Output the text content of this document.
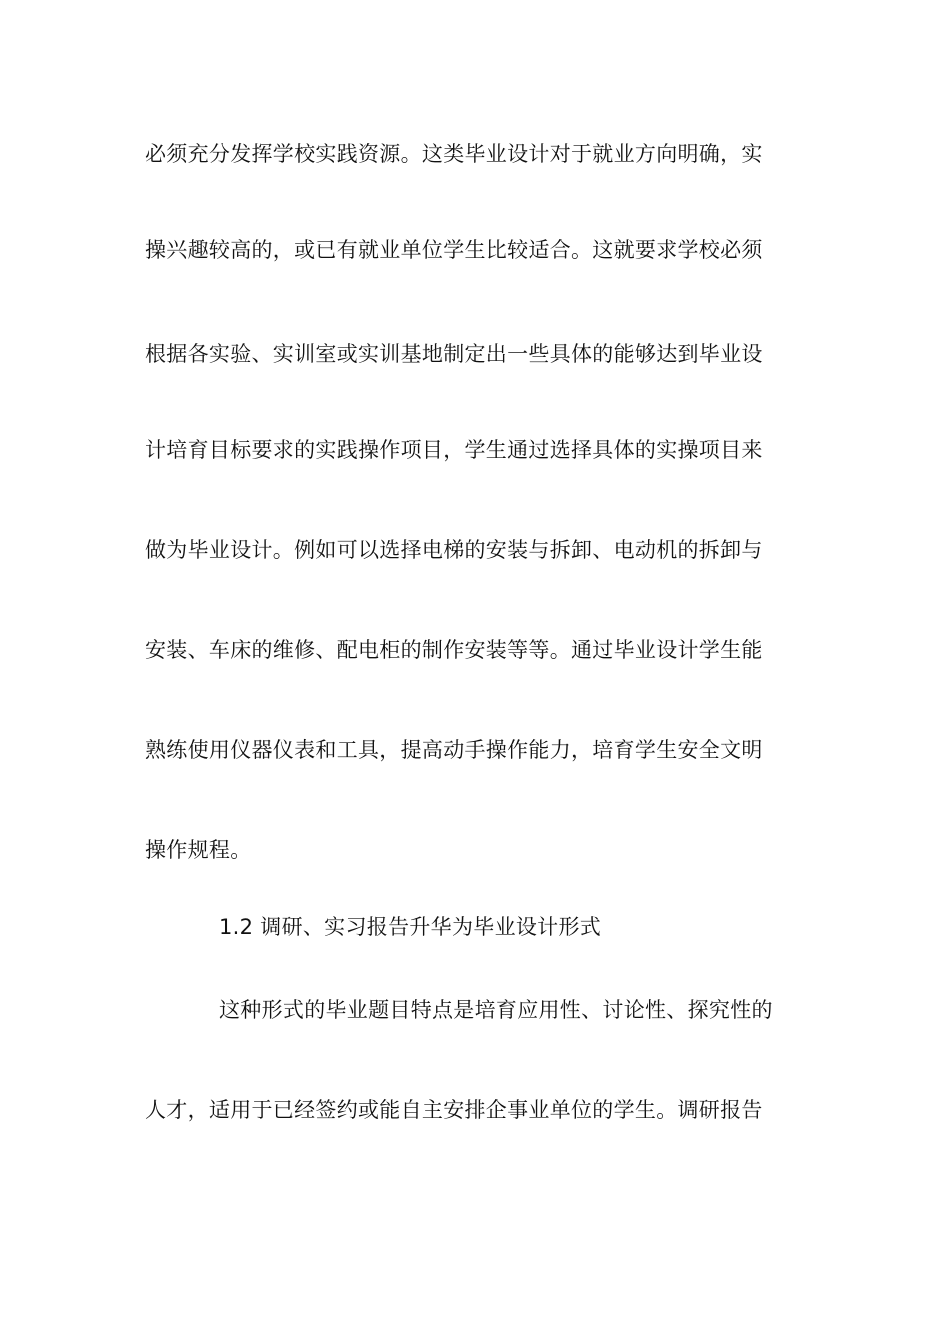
必须充分发挥学校实践资源。这类毕业设计对于就业方向明确，实
操兴趣较高的，或已有就业单位学生比较适合。这就要求学校必须
根据各实验、实训室或实训基地制定出一些具体的能够达到毕业设
计培育目标要求的实践操作项目，学生通过选择具体的实操项目来
做为毕业设计。例如可以选择电梯的安装与拆卸、电动机的拆卸与
安装、车床的维修、配电柜的制作安装等等。通过毕业设计学生能
熟练使用仪器仪表和工具，提高动手操作能力，培育学生安全文明
操作规程。
1.2 调研、实习报告升华为毕业设计形式
这种形式的毕业题目特点是培育应用性、讨论性、探究性的
人才，适用于已经签约或能自主安排企事业单位的学生。调研报告
